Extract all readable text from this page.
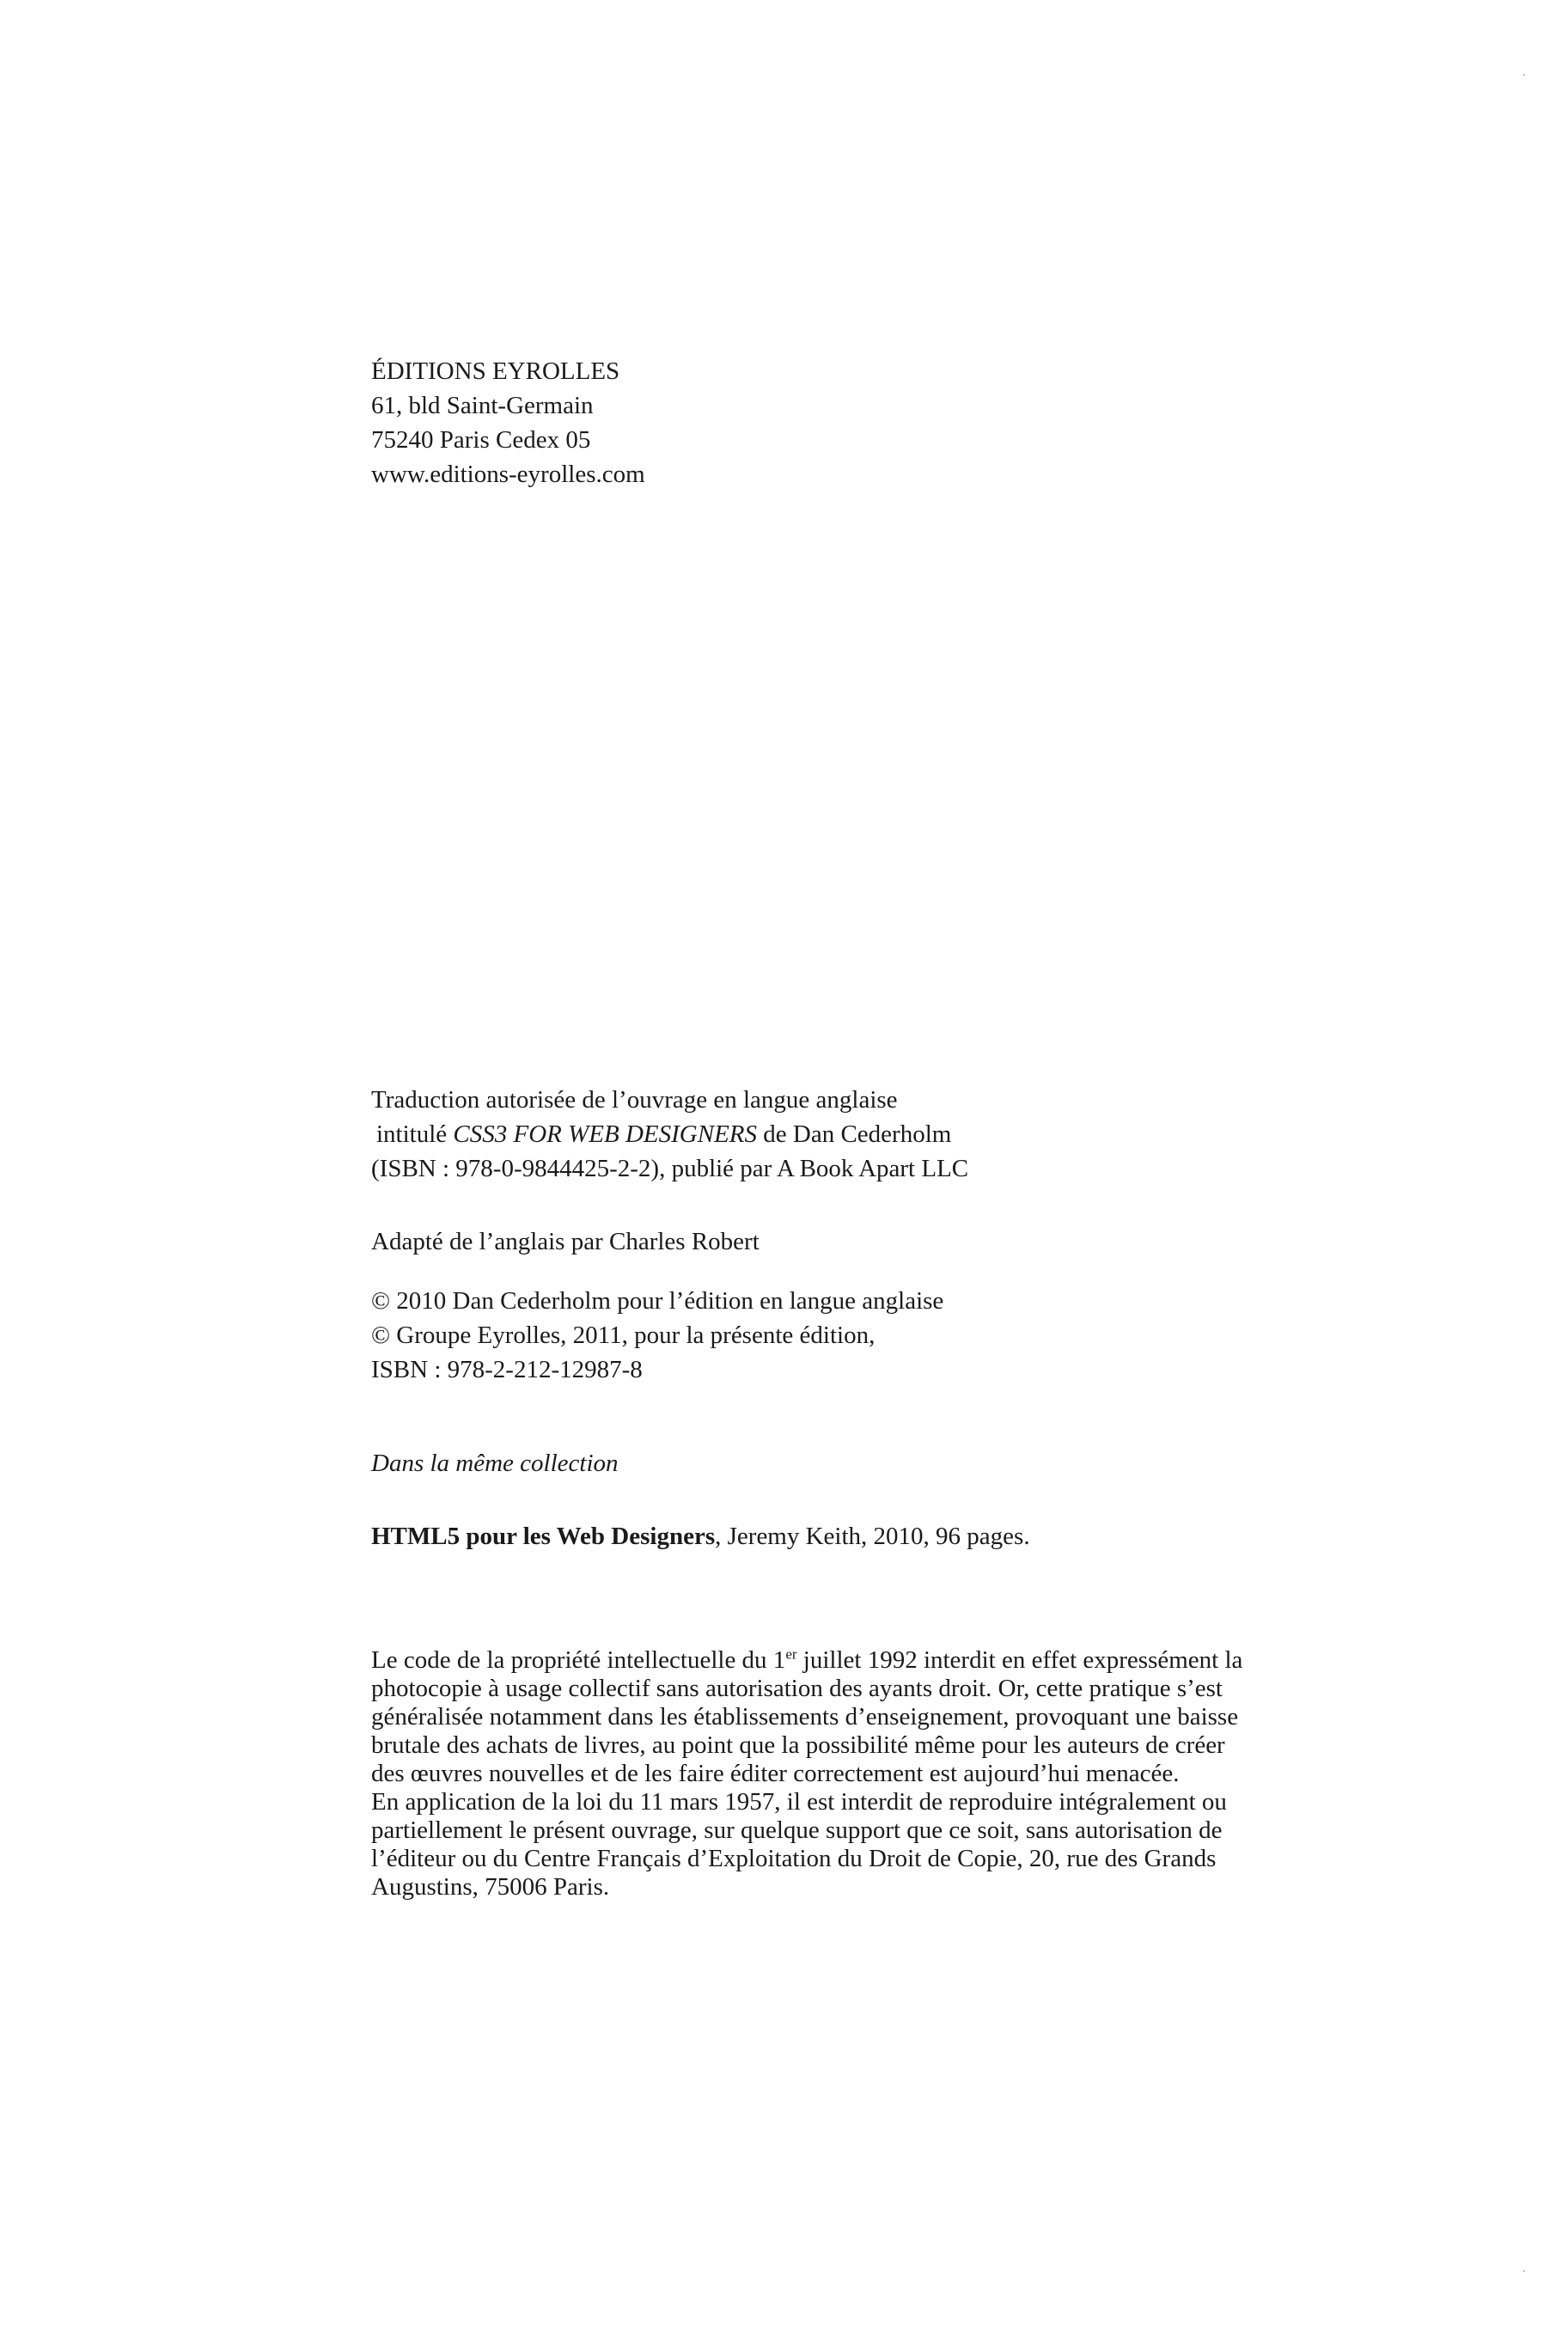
ÉDITIONS EYROLLES
61, bld Saint-Germain
75240 Paris Cedex 05
www.editions-eyrolles.com
Traduction autorisée de l’ouvrage en langue anglaise
intitulé CSS3 FOR WEB DESIGNERS de Dan Cederholm
(ISBN : 978-0-9844425-2-2), publié par A Book Apart LLC
Adapté de l’anglais par Charles Robert
© 2010 Dan Cederholm pour l’édition en langue anglaise
© Groupe Eyrolles, 2011, pour la présente édition,
ISBN : 978-2-212-12987-8
Dans la même collection
HTML5 pour les Web Designers, Jeremy Keith, 2010, 96 pages.

Le code de la propriété intellectuelle du 1er juillet 1992 interdit en effet expressément la photocopie à usage collectif sans autorisation des ayants droit. Or, cette pratique s’est généralisée notamment dans les établissements d’enseignement, provoquant une baisse brutale des achats de livres, au point que la possibilité même pour les auteurs de créer des œuvres nouvelles et de les faire éditer correctement est aujourd’hui menacée.

En application de la loi du 11 mars 1957, il est interdit de reproduire intégralement ou partiellement le présent ouvrage, sur quelque support que ce soit, sans autorisation de l’éditeur ou du Centre Français d’Exploitation du Droit de Copie, 20, rue des Grands Augustins, 75006 Paris.
